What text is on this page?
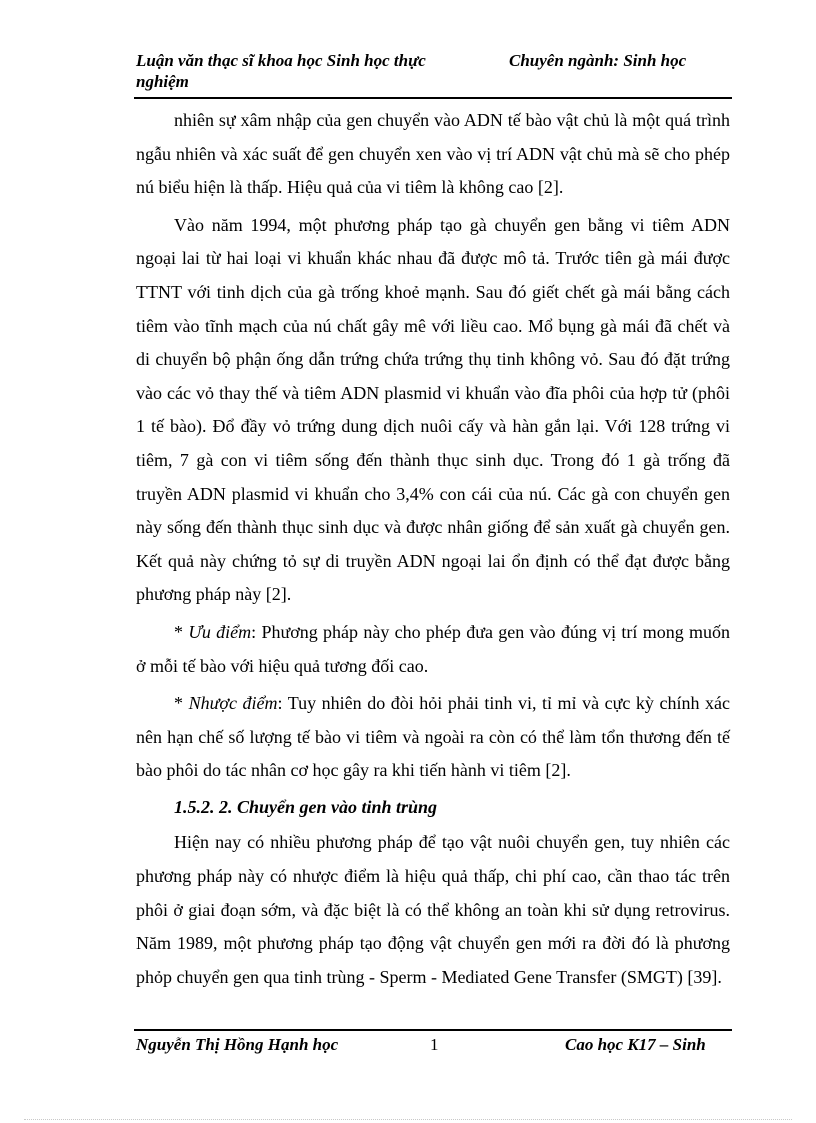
Luận văn thạc sĩ khoa học Sinh học thực nghiệm
Chuyên ngành: Sinh học

nhiên sự xâm nhập của gen chuyển vào ADN tế bào vật chủ là một quá trình ngẫu nhiên và xác suất để gen chuyển xen vào vị trí ADN vật chủ mà sẽ cho phép nú biểu hiện là thấp. Hiệu quả của vi tiêm là không cao [2].

Vào năm 1994, một phương pháp tạo gà chuyển gen bằng vi tiêm ADN ngoại lai từ hai loại vi khuẩn khác nhau đã được mô tả. Trước tiên gà mái được TTNT với tinh dịch của gà trống khoẻ mạnh. Sau đó giết chết gà mái bằng cách tiêm vào tĩnh mạch của nú chất gây mê với liều cao. Mổ bụng gà mái đã chết và di chuyển bộ phận ống dẫn trứng chứa trứng thụ tinh không vỏ. Sau đó đặt trứng vào các vỏ thay thế và tiêm ADN plasmid vi khuẩn vào đĩa phôi của hợp tử (phôi 1 tế bào). Đổ đầy vỏ trứng dung dịch nuôi cấy và hàn gắn lại. Với 128 trứng vi tiêm, 7 gà con vi tiêm sống đến thành thục sinh dục. Trong đó 1 gà trống đã truyền ADN plasmid vi khuẩn cho 3,4% con cái của nú. Các gà con chuyển gen này sống đến thành thục sinh dục và được nhân giống để sản xuất gà chuyển gen. Kết quả này chứng tỏ sự di truyền ADN ngoại lai ổn định có thể đạt được bằng phương pháp này [2].

* Ưu điểm: Phương pháp này cho phép đưa gen vào đúng vị trí mong muốn ở mỗi tế bào với hiệu quả tương đối cao.

* Nhược điểm: Tuy nhiên do đòi hỏi phải tinh vi, tỉ mỉ và cực kỳ chính xác nên hạn chế số lượng tế bào vi tiêm và ngoài ra còn có thể làm tổn thương đến tế bào phôi do tác nhân cơ học gây ra khi tiến hành vi tiêm [2].

1.5.2. 2. Chuyển gen vào tinh trùng

Hiện nay có nhiều phương pháp để tạo vật nuôi chuyển gen, tuy nhiên các phương pháp này có nhược điểm là hiệu quả thấp, chi phí cao, cần thao tác trên phôi ở giai đoạn sớm, và đặc biệt là có thể không an toàn khi sử dụng retrovirus. Năm 1989, một phương pháp tạo động vật chuyển gen mới ra đời đó là phương phỏp chuyển gen qua tinh trùng - Sperm - Mediated Gene Transfer (SMGT) [39].

Nguyễn Thị Hồng Hạnh học	1	Cao học K17 – Sinh
